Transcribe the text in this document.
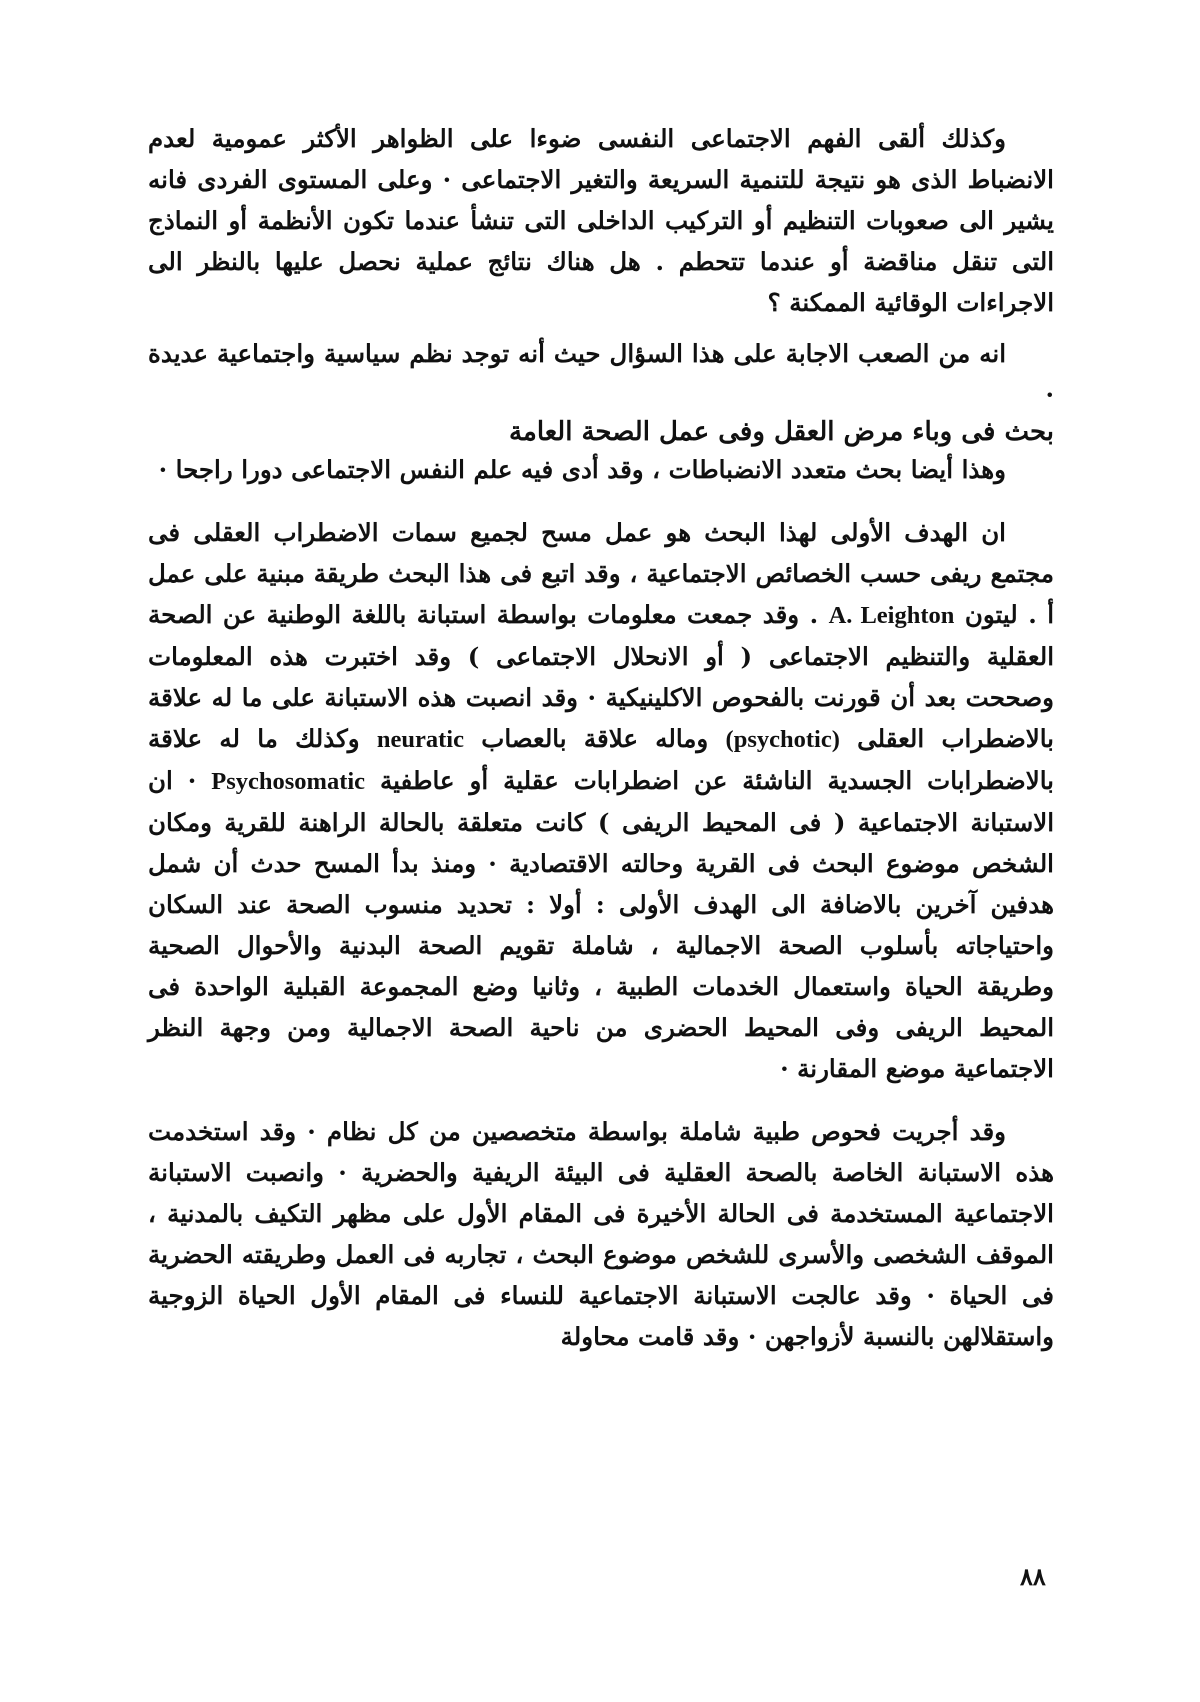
وكذلك ألقى الفهم الاجتماعى النفسى ضوءا على الظواهر الأكثر عمومية لعدم الانضباط الذى هو نتيجة للتنمية السريعة والتغير الاجتماعى · وعلى المستوى الفردى فانه يشير الى صعوبات التنظيم أو التركيب الداخلى التى تنشأ عندما تكون الأنظمة أو النماذج التى تنقل مناقضة أو عندما تتحطم . هل هناك نتائج عملية نحصل عليها بالنظر الى الاجراءات الوقائية الممكنة ؟

انه من الصعب الاجابة على هذا السؤال حيث أنه توجد نظم سياسية واجتماعية عديدة ·

بحث فى وباء مرض العقل وفى عمل الصحة العامة

وهذا أيضا بحث متعدد الانضباطات ، وقد أدى فيه علم النفس الاجتماعى دورا راجحا ·

ان الهدف الأولى لهذا البحث هو عمل مسح لجميع سمات الاضطراب العقلى فى مجتمع ريفى حسب الخصائص الاجتماعية ، وقد اتبع فى هذا البحث طريقة مبنية على عمل أ . ليتون A. Leighton . وقد جمعت معلومات بواسطة استبانة باللغة الوطنية عن الصحة العقلية والتنظيم الاجتماعى ( أو الانحلال الاجتماعى ) وقد اختبرت هذه المعلومات وصححت بعد أن قورنت بالفحوص الاكلينيكية · وقد انصبت هذه الاستبانة على ما له علاقة بالاضطراب العقلى (psychotic) وماله علاقة بالعصاب neuratic وكذلك ما له علاقة بالاضطرابات الجسدية الناشئة عن اضطرابات عقلية أو عاطفية Psychosomatic · ان الاستبانة الاجتماعية ( فى المحيط الريفى ) كانت متعلقة بالحالة الراهنة للقرية ومكان الشخص موضوع البحث فى القرية وحالته الاقتصادية · ومنذ بدأ المسح حدث أن شمل هدفين آخرين بالاضافة الى الهدف الأولى : أولا : تحديد منسوب الصحة عند السكان واحتياجاته بأسلوب الصحة الاجمالية ، شاملة تقويم الصحة البدنية والأحوال الصحية وطريقة الحياة واستعمال الخدمات الطبية ، وثانيا وضع المجموعة القبلية الواحدة فى المحيط الريفى وفى المحيط الحضرى من ناحية الصحة الاجمالية ومن وجهة النظر الاجتماعية موضع المقارنة ·

وقد أجريت فحوص طبية شاملة بواسطة متخصصين من كل نظام · وقد استخدمت هذه الاستبانة الخاصة بالصحة العقلية فى البيئة الريفية والحضرية · وانصبت الاستبانة الاجتماعية المستخدمة فى الحالة الأخيرة فى المقام الأول على مظهر التكيف بالمدنية ، الموقف الشخصى والأسرى للشخص موضوع البحث ، تجاربه فى العمل وطريقته الحضرية فى الحياة · وقد عالجت الاستبانة الاجتماعية للنساء فى المقام الأول الحياة الزوجية واستقلالهن بالنسبة لأزواجهن · وقد قامت محاولة

٨٨
